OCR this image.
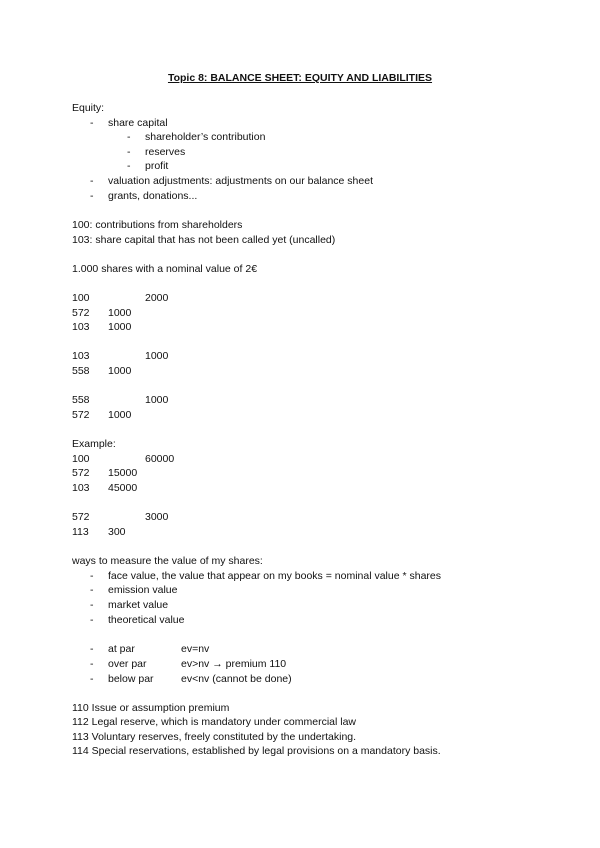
Topic 8: BALANCE SHEET: EQUITY AND LIABILITIES
Equity:
- share capital
- shareholder’s contribution
- reserves
- profit
- valuation adjustments: adjustments on our balance sheet
- grants, donations...
100: contributions from shareholders
103: share capital that has not been called yet (uncalled)
1.000 shares with a nominal value of 2€
100	2000
572 1000
103 1000
103	1000
558 1000
558	1000
572 1000
Example:
100	60000
572 15000
103 45000
572	3000
113 300
ways to measure the value of my shares:
- face value, the value that appear on my books = nominal value * shares
- emission value
- market value
- theoretical value
- at par	ev=nv
- over par	ev>nv → premium 110
- below par	ev<nv (cannot be done)
110 Issue or assumption premium
112 Legal reserve, which is mandatory under commercial law
113 Voluntary reserves, freely constituted by the undertaking.
114 Special reservations, established by legal provisions on a mandatory basis.
